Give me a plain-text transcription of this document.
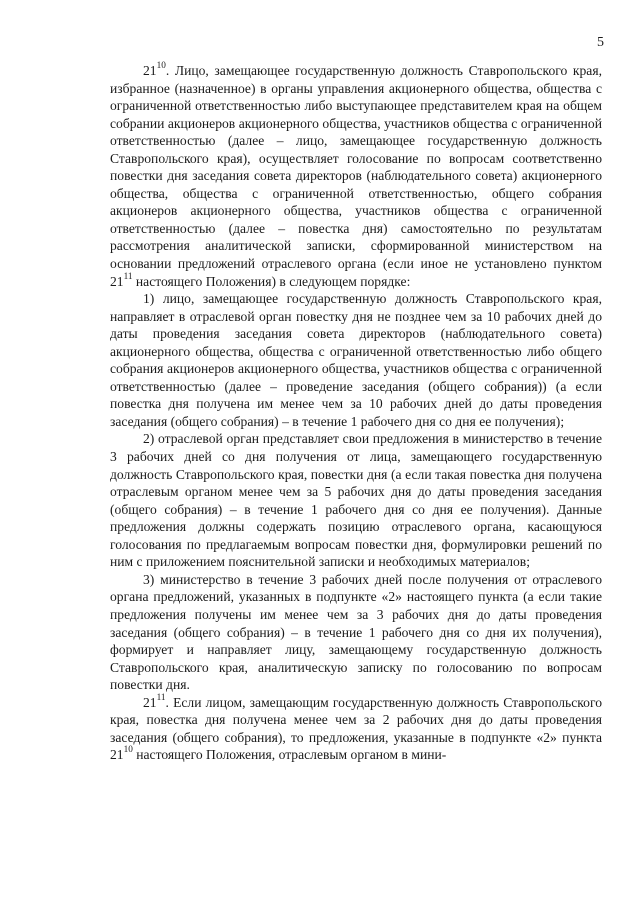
5

$21^{10}$. Лицо, замещающее государственную должность Ставропольского края, избранное (назначенное) в органы управления акционерного общества, общества с ограниченной ответственностью либо выступающее представителем края на общем собрании акционеров акционерного общества, участников общества с ограниченной ответственностью (далее – лицо, замещающее государственную должность Ставропольского края), осуществляет голосование по вопросам соответственно повестки дня заседания совета директоров (наблюдательного совета) акционерного общества, общества с ограниченной ответственностью, общего собрания акционеров акционерного общества, участников общества с ограниченной ответственностью (далее – повестка дня) самостоятельно по результатам рассмотрения аналитической записки, сформированной министерством на основании предложений отраслевого органа (если иное не установлено пунктом $21^{11}$ настоящего Положения) в следующем порядке:

1) лицо, замещающее государственную должность Ставропольского края, направляет в отраслевой орган повестку дня не позднее чем за 10 рабочих дней до даты проведения заседания совета директоров (наблюдательного совета) акционерного общества, общества с ограниченной ответственностью либо общего собрания акционеров акционерного общества, участников общества с ограниченной ответственностью (далее – проведение заседания (общего собрания)) (а если повестка дня получена им менее чем за 10 рабочих дней до даты проведения заседания (общего собрания) – в течение 1 рабочего дня со дня ее получения);

2) отраслевой орган представляет свои предложения в министерство в течение 3 рабочих дней со дня получения от лица, замещающего государственную должность Ставропольского края, повестки дня (а если такая повестка дня получена отраслевым органом менее чем за 5 рабочих дня до даты проведения заседания (общего собрания) – в течение 1 рабочего дня со дня ее получения). Данные предложения должны содержать позицию отраслевого органа, касающуюся голосования по предлагаемым вопросам повестки дня, формулировки решений по ним с приложением пояснительной записки и необходимых материалов;

3) министерство в течение 3 рабочих дней после получения от отраслевого органа предложений, указанных в подпункте «2» настоящего пункта (а если такие предложения получены им менее чем за 3 рабочих дня до даты проведения заседания (общего собрания) – в течение 1 рабочего дня со дня их получения), формирует и направляет лицу, замещающему государственную должность Ставропольского края, аналитическую записку по голосованию по вопросам повестки дня.

$21^{11}$. Если лицом, замещающим государственную должность Ставропольского края, повестка дня получена менее чем за 2 рабочих дня до даты проведения заседания (общего собрания), то предложения, указанные в подпункте «2» пункта $21^{10}$ настоящего Положения, отраслевым органом в мини-
